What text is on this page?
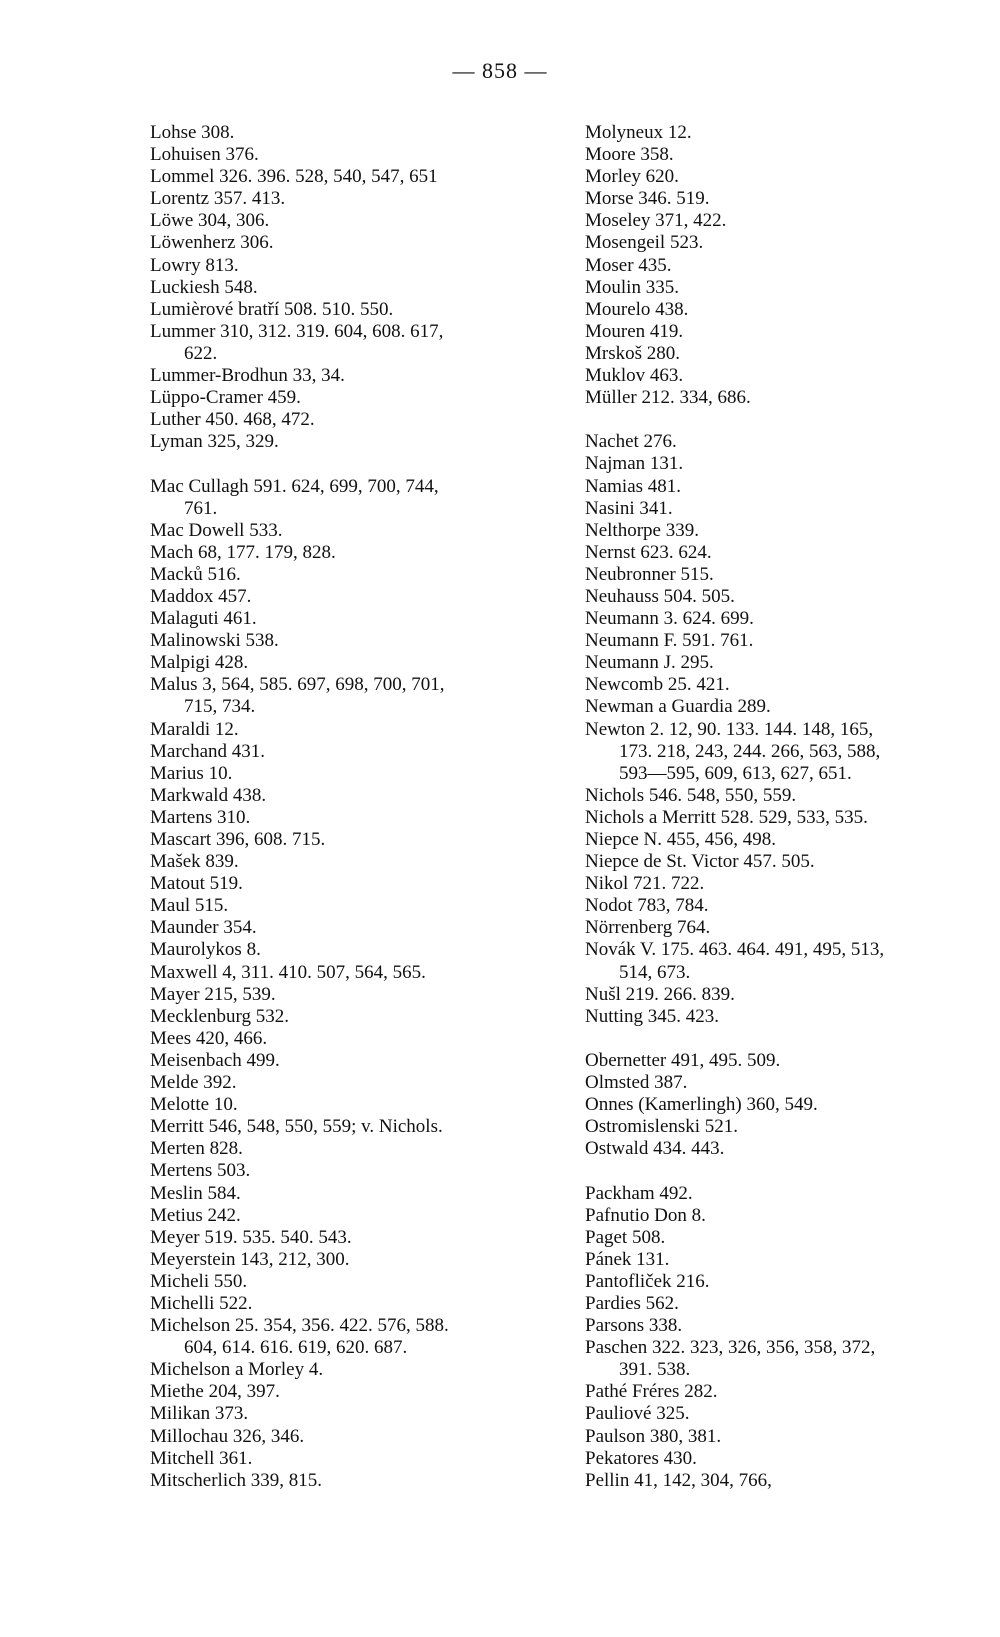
— 858 —
Lohse 308.
Lohuisen 376.
Lommel 326. 396. 528, 540, 547, 651
Lorentz 357. 413.
Löwe 304, 306.
Löwenherz 306.
Lowry 813.
Luckiesh 548.
Lumièrové bratří 508. 510. 550.
Lummer 310, 312. 319. 604, 608. 617,
622.
Lummer-Brodhun 33, 34.
Lüppo-Cramer 459.
Luther 450. 468, 472.
Lyman 325, 329.
Mac Cullagh 591. 624, 699, 700, 744,
761.
Mac Dowell 533.
Mach 68, 177. 179, 828.
Macků 516.
Maddox 457.
Malaguti 461.
Malinowski 538.
Malpigi 428.
Malus 3, 564, 585. 697, 698, 700, 701,
715, 734.
Maraldi 12.
Marchand 431.
Marius 10.
Markwald 438.
Martens 310.
Mascart 396, 608. 715.
Mašek 839.
Matout 519.
Maul 515.
Maunder 354.
Maurolykos 8.
Maxwell 4, 311. 410. 507, 564, 565.
Mayer 215, 539.
Mecklenburg 532.
Mees 420, 466.
Meisenbach 499.
Melde 392.
Melotte 10.
Merritt 546, 548, 550, 559; v. Nichols.
Merten 828.
Mertens 503.
Meslin 584.
Metius 242.
Meyer 519. 535. 540. 543.
Meyerstein 143, 212, 300.
Micheli 550.
Michelli 522.
Michelson 25. 354, 356. 422. 576, 588.
604, 614. 616. 619, 620. 687.
Michelson a Morley 4.
Miethe 204, 397.
Milikan 373.
Millochau 326, 346.
Mitchell 361.
Mitscherlich 339, 815.
Molyneux 12.
Moore 358.
Morley 620.
Morse 346. 519.
Moseley 371, 422.
Mosengeil 523.
Moser 435.
Moulin 335.
Mourelo 438.
Mouren 419.
Mrskoš 280.
Muklov 463.
Müller 212. 334, 686.
Nachet 276.
Najman 131.
Namias 481.
Nasini 341.
Nelthorpe 339.
Nernst 623. 624.
Neubronner 515.
Neuhauss 504. 505.
Neumann 3. 624. 699.
Neumann F. 591. 761.
Neumann J. 295.
Newcomb 25. 421.
Newman a Guardia 289.
Newton 2. 12, 90. 133. 144. 148, 165,
173. 218, 243, 244. 266, 563, 588,
593—595, 609, 613, 627, 651.
Nichols 546. 548, 550, 559.
Nichols a Merritt 528. 529, 533, 535.
Niepce N. 455, 456, 498.
Niepce de St. Victor 457. 505.
Nikol 721. 722.
Nodot 783, 784.
Nörrenberg 764.
Novák V. 175. 463. 464. 491, 495, 513,
514, 673.
Nušl 219. 266. 839.
Nutting 345. 423.
Obernetter 491, 495. 509.
Olmsted 387.
Onnes (Kamerlingh) 360, 549.
Ostromislenski 521.
Ostwald 434. 443.
Packham 492.
Pafnutio Don 8.
Paget 508.
Pánek 131.
Pantofliček 216.
Pardies 562.
Parsons 338.
Paschen 322. 323, 326, 356, 358, 372,
391. 538.
Pathé Fréres 282.
Pauliové 325.
Paulson 380, 381.
Pekatores 430.
Pellin 41, 142, 304, 766,
